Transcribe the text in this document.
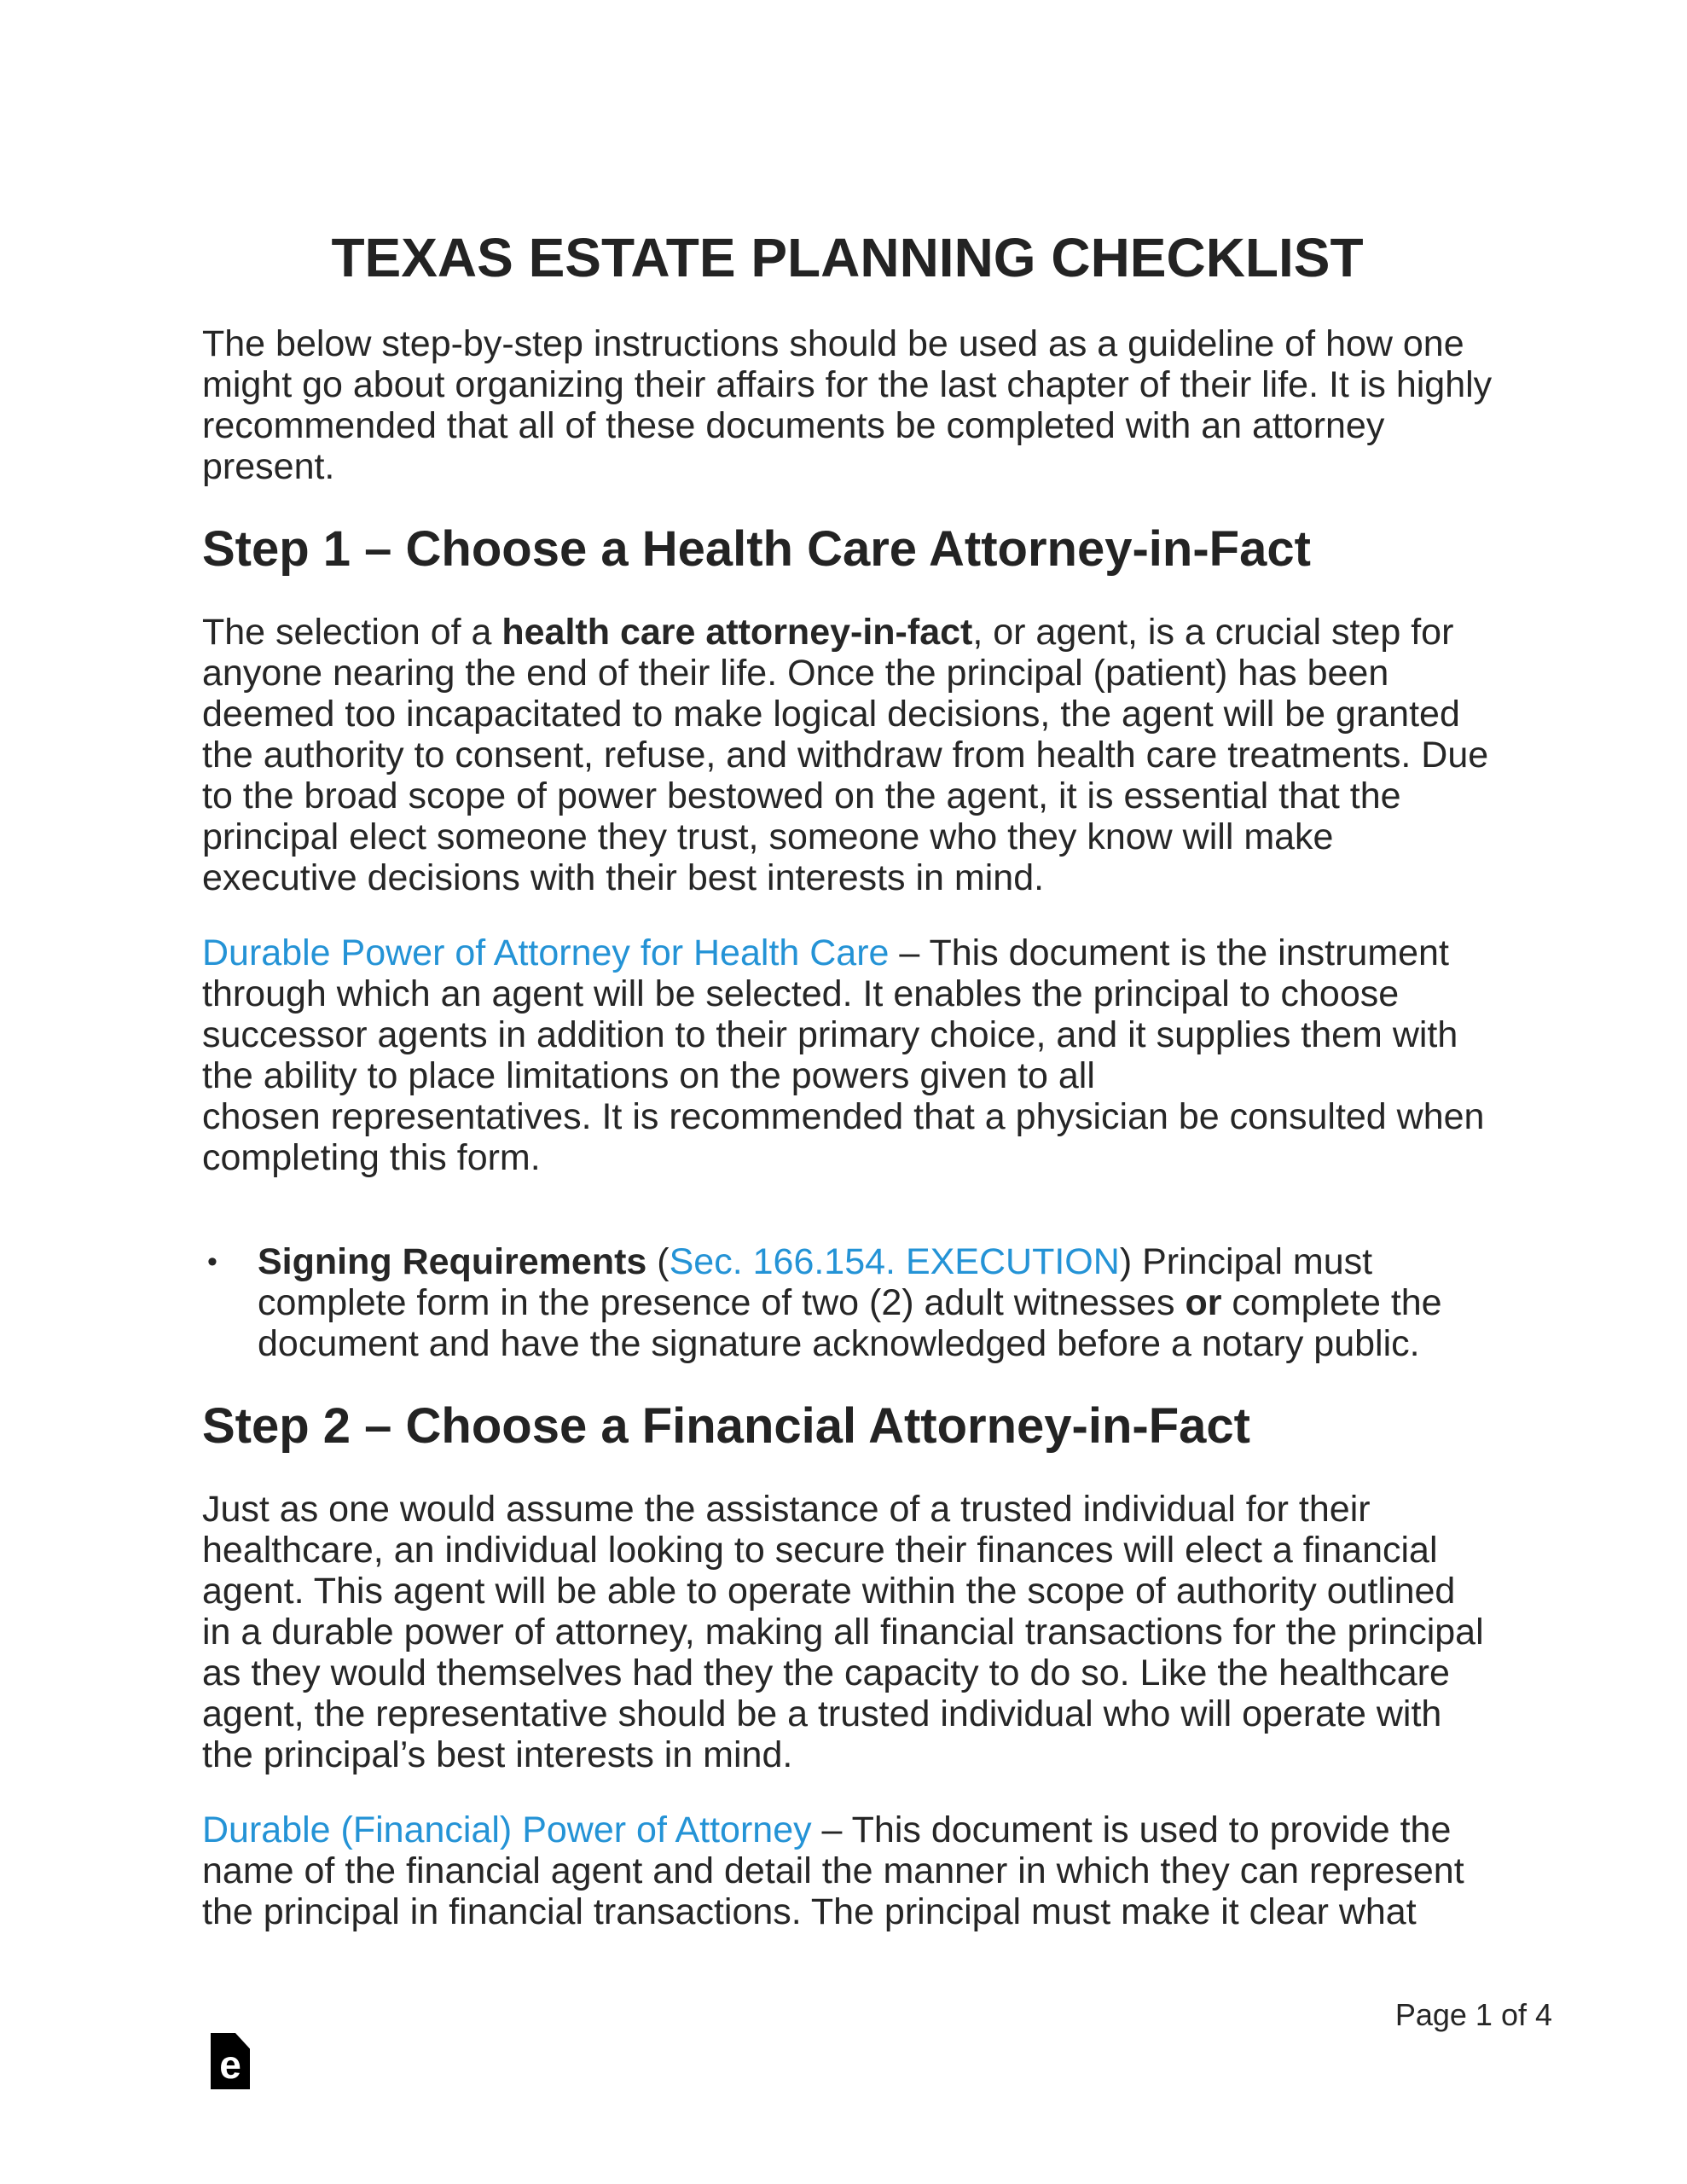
TEXAS ESTATE PLANNING CHECKLIST

The below step-by-step instructions should be used as a guideline of how one might go about organizing their affairs for the last chapter of their life. It is highly recommended that all of these documents be completed with an attorney present.

Step 1 – Choose a Health Care Attorney-in-Fact

The selection of a health care attorney-in-fact, or agent, is a crucial step for anyone nearing the end of their life. Once the principal (patient) has been deemed too incapacitated to make logical decisions, the agent will be granted the authority to consent, refuse, and withdraw from health care treatments. Due to the broad scope of power bestowed on the agent, it is essential that the principal elect someone they trust, someone who they know will make executive decisions with their best interests in mind.

Durable Power of Attorney for Health Care – This document is the instrument through which an agent will be selected. It enables the principal to choose successor agents in addition to their primary choice, and it supplies them with the ability to place limitations on the powers given to all
chosen representatives. It is recommended that a physician be consulted when completing this form.

•	Signing Requirements (Sec. 166.154. EXECUTION) Principal must complete form in the presence of two (2) adult witnesses or complete the document and have the signature acknowledged before a notary public.
Step 2 – Choose a Financial Attorney-in-Fact

Just as one would assume the assistance of a trusted individual for their healthcare, an individual looking to secure their finances will elect a financial agent. This agent will be able to operate within the scope of authority outlined in a durable power of attorney, making all financial transactions for the principal as they would themselves had they the capacity to do so. Like the healthcare agent, the representative should be a trusted individual who will operate with the principal’s best interests in mind.

Durable (Financial) Power of Attorney – This document is used to provide the name of the financial agent and detail the manner in which they can represent the principal in financial transactions. The principal must make it clear what

Page 1 of 4
e
